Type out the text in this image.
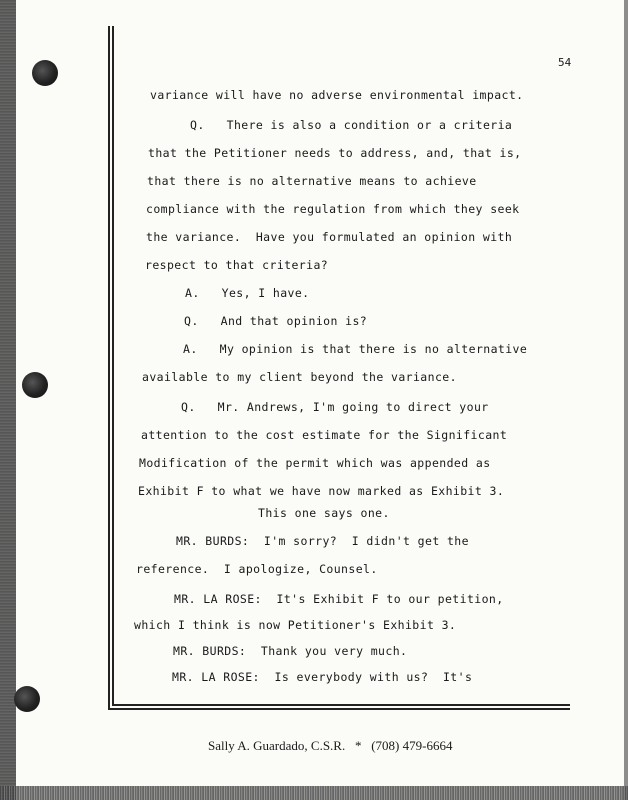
54
variance will have no adverse environmental impact.
Q.   There is also a condition or a criteria
that the Petitioner needs to address, and, that is,
that there is no alternative means to achieve
compliance with the regulation from which they seek
the variance.  Have you formulated an opinion with
respect to that criteria?
A.   Yes, I have.
Q.   And that opinion is?
A.   My opinion is that there is no alternative
available to my client beyond the variance.
Q.   Mr. Andrews, I'm going to direct your
attention to the cost estimate for the Significant
Modification of the permit which was appended as
Exhibit F to what we have now marked as Exhibit 3.
This one says one.
MR. BURDS:  I'm sorry?  I didn't get the
reference.  I apologize, Counsel.
MR. LA ROSE:  It's Exhibit F to our petition,
which I think is now Petitioner's Exhibit 3.
MR. BURDS:  Thank you very much.
MR. LA ROSE:  Is everybody with us?  It's
Sally A. Guardado, C.S.R.   *   (708) 479-6664
